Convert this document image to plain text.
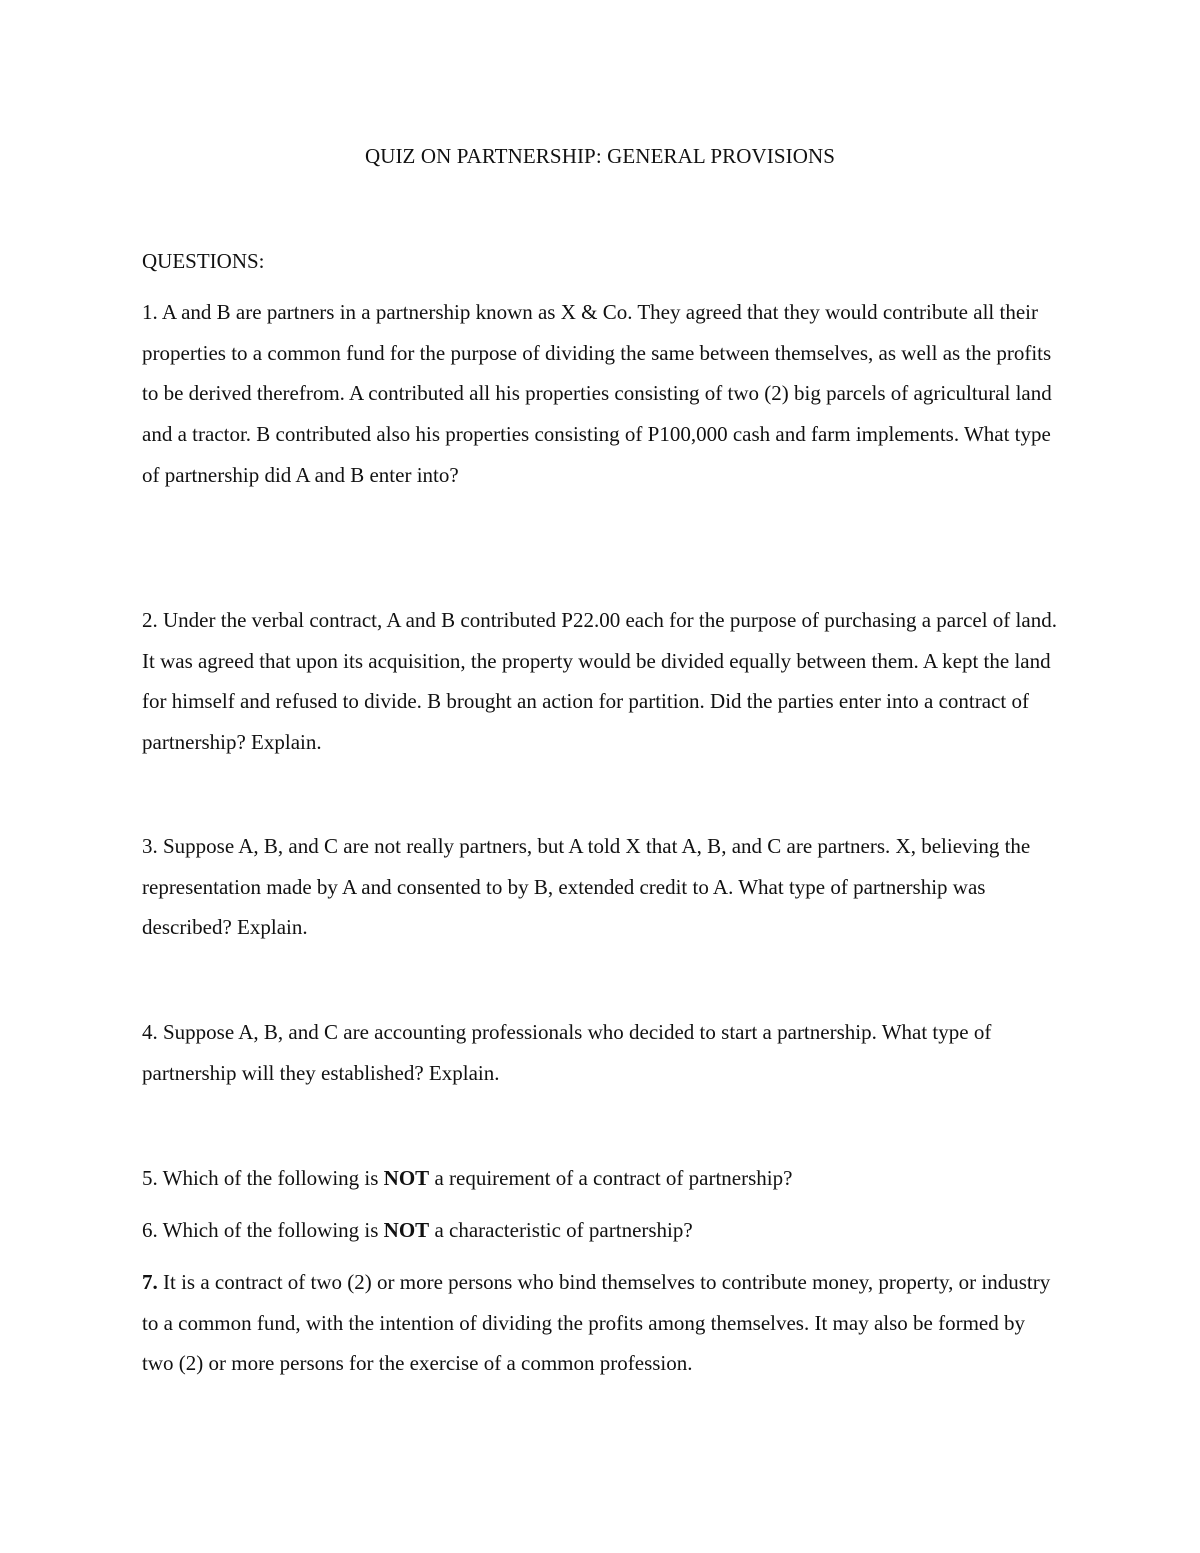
QUIZ ON PARTNERSHIP: GENERAL PROVISIONS
QUESTIONS:

1. A and B are partners in a partnership known as X & Co. They agreed that they would contribute all their properties to a common fund for the purpose of dividing the same between themselves, as well as the profits to be derived therefrom. A contributed all his properties consisting of two (2) big parcels of agricultural land and a tractor. B contributed also his properties consisting of P100,000 cash and farm implements. What type of partnership did A and B enter into?

2. Under the verbal contract, A and B contributed P22.00 each for the purpose of purchasing a parcel of land. It was agreed that upon its acquisition, the property would be divided equally between them. A kept the land for himself and refused to divide. B brought an action for partition. Did the parties enter into a contract of partnership? Explain.

3. Suppose A, B, and C are not really partners, but A told X that A, B, and C are partners. X, believing the representation made by A and consented to by B, extended credit to A. What type of partnership was described? Explain.

4. Suppose A, B, and C are accounting professionals who decided to start a partnership. What type of partnership will they established? Explain.

5. Which of the following is NOT a requirement of a contract of partnership?

6. Which of the following is NOT a characteristic of partnership?

7. It is a contract of two (2) or more persons who bind themselves to contribute money, property, or industry to a common fund, with the intention of dividing the profits among themselves. It may also be formed by two (2) or more persons for the exercise of a common profession.
